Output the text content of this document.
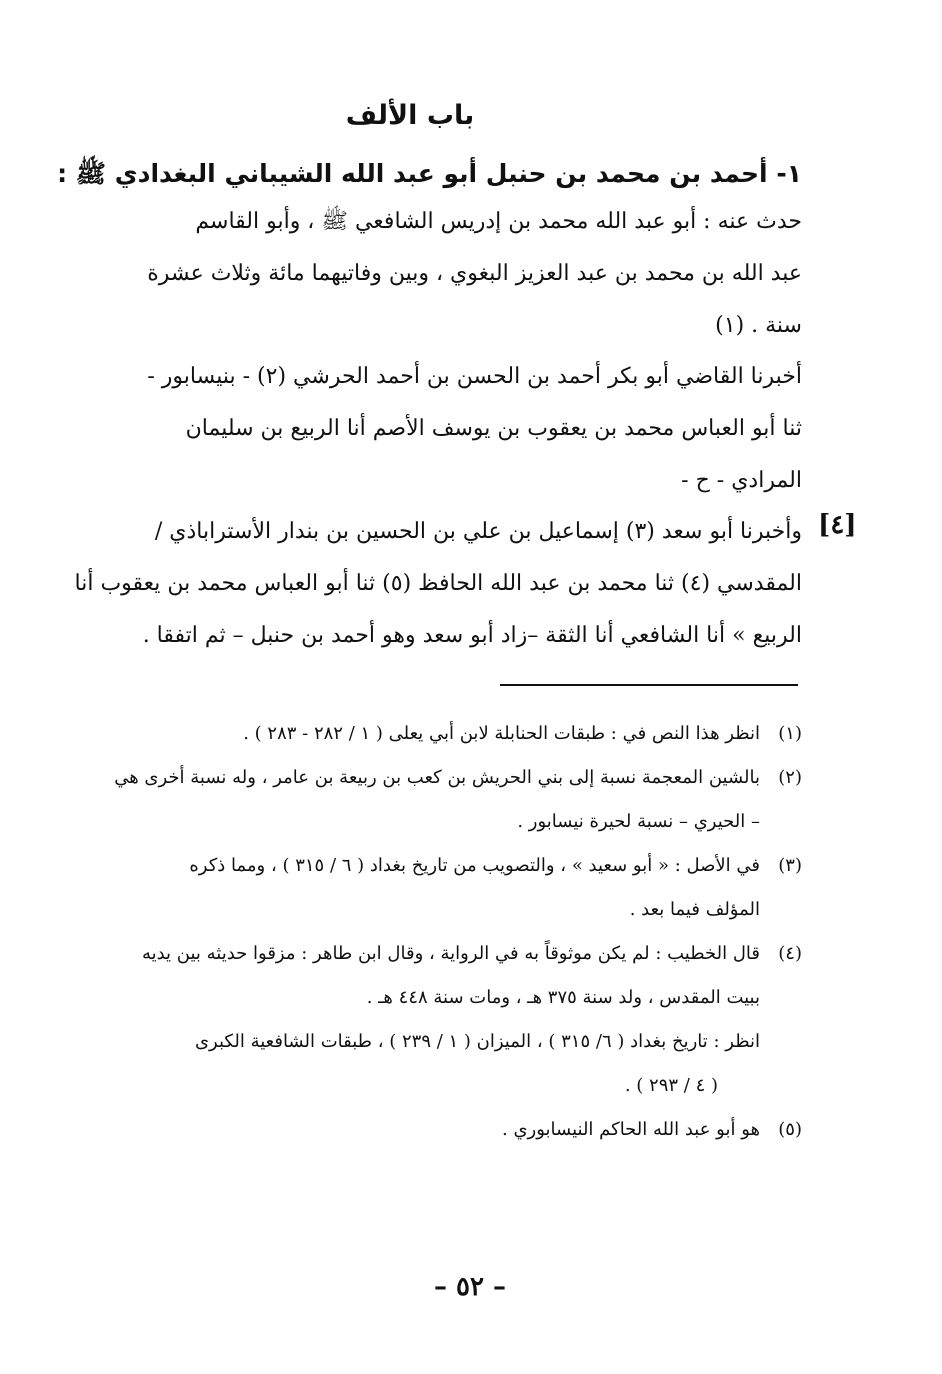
باب الألف
١- أحمد بن محمد بن حنبل أبو عبد الله الشيباني البغدادي ﷺ :
حدث عنه : أبو عبد الله محمد بن إدريس الشافعي ﷺ ، وأبو القاسم
عبد الله بن محمد بن عبد العزيز البغوي ، وبين وفاتيهما مائة وثلاث عشرة
سنة . (١)
أخبرنا القاضي أبو بكر أحمد بن الحسن بن أحمد الحرشي (٢) - بنيسابور -
ثنا أبو العباس محمد بن يعقوب بن يوسف الأصم أنا الربيع بن سليمان
المرادي - ح -
[٤]
وأخبرنا أبو سعد (٣) إسماعيل بن علي بن الحسين بن بندار الأستراباذي /
المقدسي (٤) ثنا محمد بن عبد الله الحافظ (٥) ثنا أبو العباس محمد بن يعقوب أنا
الربيع » أنا الشافعي أنا الثقة –زاد أبو سعد وهو أحمد بن حنبل – ثم اتفقا .
(١)
انظر هذا النص في : طبقات الحنابلة لابن أبي يعلى ( ١ / ٢٨٢ - ٢٨٣ ) .
(٢)
بالشين المعجمة نسبة إلى بني الحريش بن كعب بن ربيعة بن عامر ، وله نسبة أخرى هي
– الحيري – نسبة لحيرة نيسابور .
(٣)
في الأصل : « أبو سعيد » ، والتصويب من تاريخ بغداد ( ٦ / ٣١٥ ) ، ومما ذكره
المؤلف فيما بعد .
(٤)
قال الخطيب : لم يكن موثوقاً به في الرواية ، وقال ابن طاهر : مزقوا حديثه بين يديه
ببيت المقدس ، ولد سنة ٣٧٥ هـ ، ومات سنة ٤٤٨ هـ .
انظر : تاريخ بغداد ( ٦/ ٣١٥ ) ، الميزان ( ١ / ٢٣٩ ) ، طبقات الشافعية الكبرى
( ٤ / ٢٩٣ ) .
(٥)
هو أبو عبد الله الحاكم النيسابوري .
– ٥٢ –
